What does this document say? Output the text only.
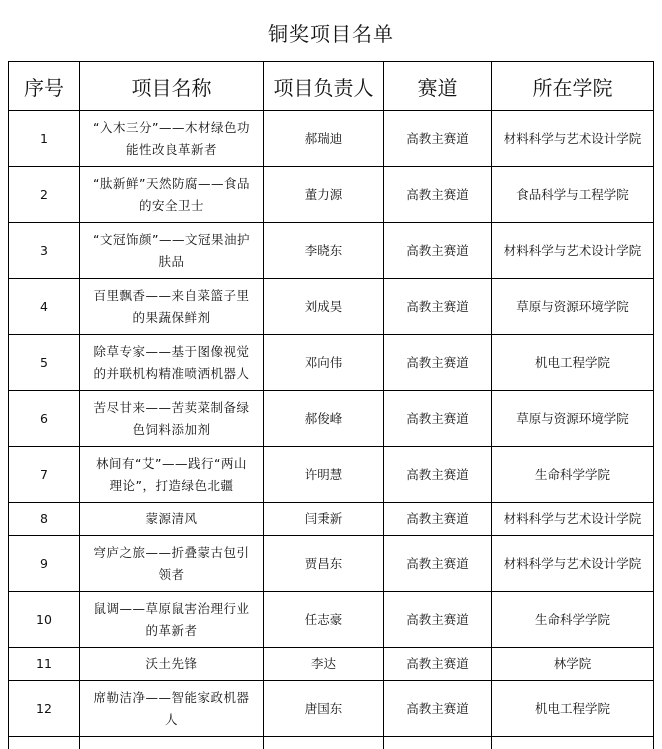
铜奖项目名单
序号	项目名称	项目负责人	赛道	所在学院
1	“入木三分”——木材绿色功能性改良革新者	郝瑞迪	高教主赛道	材料科学与艺术设计学院
2	“肽新鲜”天然防腐——食品的安全卫士	董力源	高教主赛道	食品科学与工程学院
3	“文冠饰颜”——文冠果油护肤品	李晓东	高教主赛道	材料科学与艺术设计学院
4	百里飘香——来自菜篮子里的果蔬保鲜剂	刘成昊	高教主赛道	草原与资源环境学院
5	除草专家——基于图像视觉的并联机构精准喷洒机器人	邓向伟	高教主赛道	机电工程学院
6	苦尽甘来——苦荬菜制备绿色饲料添加剂	郝俊峰	高教主赛道	草原与资源环境学院
7	林间有“艾”——践行“两山理论”，打造绿色北疆	许明慧	高教主赛道	生命科学学院
8	蒙源清风	闫秉新	高教主赛道	材料科学与艺术设计学院
9	穹庐之旅——折叠蒙古包引领者	贾昌东	高教主赛道	材料科学与艺术设计学院
10	鼠调——草原鼠害治理行业的革新者	任志豪	高教主赛道	生命科学学院
11	沃土先锋	李达	高教主赛道	林学院
12	席勒洁净——智能家政机器人	唐国东	高教主赛道	机电工程学院
